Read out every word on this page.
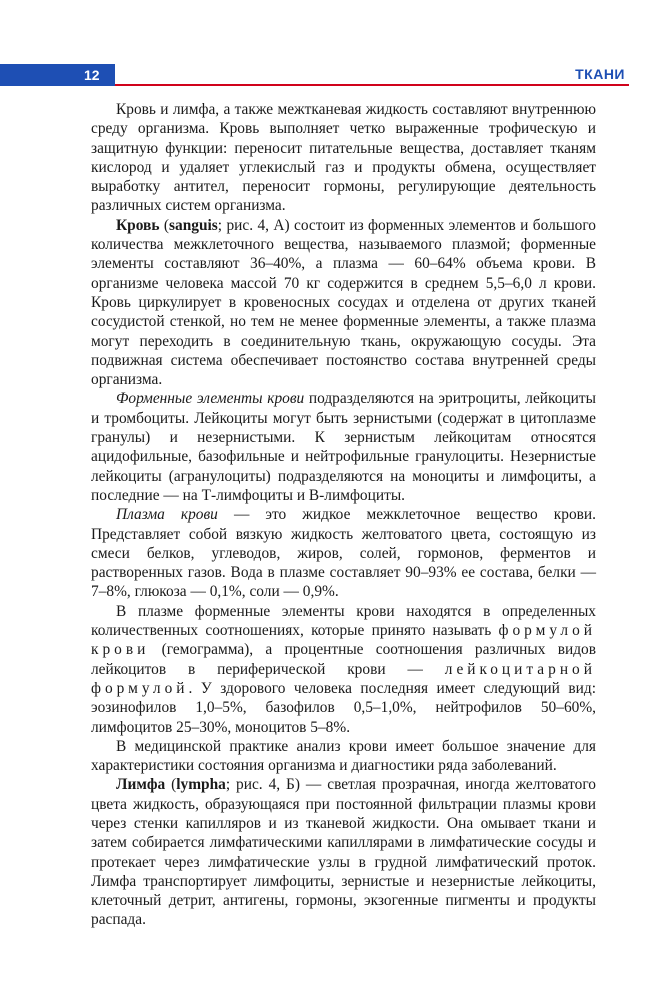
12	ТКАНИ

Кровь и лимфа, а также межтканевая жидкость составляют внутреннюю среду организма. Кровь выполняет четко выраженные трофическую и защитную функции: переносит питательные вещества, доставляет тканям кислород и удаляет углекислый газ и продукты обмена, осуществляет выработку антител, переносит гормоны, регулирующие деятельность различных систем организма.

Кровь (sanguis; рис. 4, А) состоит из форменных элементов и большого количества межклеточного вещества, называемого плазмой; форменные элементы составляют 36–40%, а плазма — 60–64% объема крови. В организме человека массой 70 кг содержится в среднем 5,5–6,0 л крови. Кровь циркулирует в кровеносных сосудах и отделена от других тканей сосудистой стенкой, но тем не менее форменные элементы, а также плазма могут переходить в соединительную ткань, окружающую сосуды. Эта подвижная система обеспечивает постоянство состава внутренней среды организма.

Форменные элементы крови подразделяются на эритроциты, лейкоциты и тромбоциты. Лейкоциты могут быть зернистыми (содержат в цитоплазме гранулы) и незернистыми. К зернистым лейкоцитам относятся ацидофильные, базофильные и нейтрофильные гранулоциты. Незернистые лейкоциты (агранулоциты) подразделяются на моноциты и лимфоциты, а последние — на Т-лимфоциты и В-лимфоциты.

Плазма крови — это жидкое межклеточное вещество крови. Представляет собой вязкую жидкость желтоватого цвета, состоящую из смеси белков, углеводов, жиров, солей, гормонов, ферментов и растворенных газов. Вода в плазме составляет 90–93% ее состава, белки — 7–8%, глюкоза — 0,1%, соли — 0,9%.

В плазме форменные элементы крови находятся в определенных количественных соотношениях, которые принято называть формулой крови (гемограмма), а процентные соотношения различных видов лейкоцитов в периферической крови — лейкоцитарной формулой. У здорового человека последняя имеет следующий вид: эозинофилов 1,0–5%, базофилов 0,5–1,0%, нейтрофилов 50–60%, лимфоцитов 25–30%, моноцитов 5–8%.

В медицинской практике анализ крови имеет большое значение для характеристики состояния организма и диагностики ряда заболеваний.

Лимфа (lympha; рис. 4, Б) — светлая прозрачная, иногда желтоватого цвета жидкость, образующаяся при постоянной фильтрации плазмы крови через стенки капилляров и из тканевой жидкости. Она омывает ткани и затем собирается лимфатическими капиллярами в лимфатические сосуды и протекает через лимфатические узлы в грудной лимфатический проток. Лимфа транспортирует лимфоциты, зернистые и незернистые лейкоциты, клеточный детрит, антигены, гормоны, экзогенные пигменты и продукты распада.
